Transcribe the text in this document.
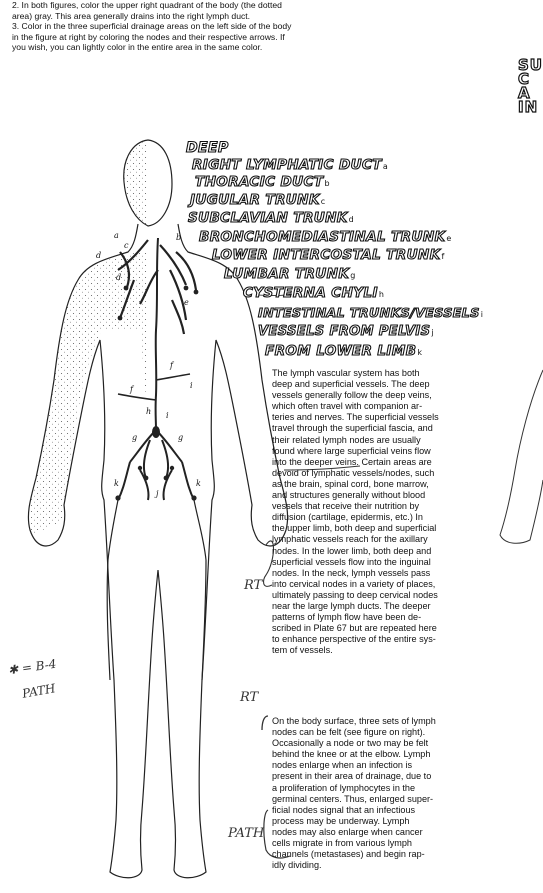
2. In both figures, color the upper right quadrant of the body (the dotted
area) gray. This area generally drains into the right lymph duct.
3. Color in the three superficial drainage areas on the left side of the body
in the figure at right by coloring the nodes and their respective arrows. If
you wish, you can lightly color in the entire area in the same color.
SU
C
A
IN
a	b
c
d
d
e
f
f
g	g
h i
j
k	k
i
DEEP
RIGHT LYMPHATIC DUCTa
THORACIC DUCTb
JUGULAR TRUNKc
SUBCLAVIAN TRUNKd
BRONCHOMEDIASTINAL TRUNKe
LOWER INTERCOSTAL TRUNKf
LUMBAR TRUNKg
CYSTERNA CHYLIh
INTESTINAL TRUNKS/VESSELSi
VESSELS FROM PELVISj
FROM LOWER LIMBk

The lymph vascular system has both

deep and superficial vessels. The deep

vessels generally follow the deep veins,

which often travel with companion ar-

teries and nerves. The superficial vessels

travel through the superficial fascia, and

their related lymph nodes are usually

found where large superficial veins flow

into the deeper veins. Certain areas are

devoid of lymphatic vessels/nodes, such

as the brain, spinal cord, bone marrow,

and structures generally without blood

vessels that receive their nutrition by

diffusion (cartilage, epidermis, etc.) In

the upper limb, both deep and superficial

lymphatic vessels reach for the axillary

nodes. In the lower limb, both deep and

superficial vessels flow into the inguinal

nodes. In the neck, lymph vessels pass

into cervical nodes in a variety of places,

ultimately passing to deep cervical nodes

near the large lymph ducts. The deeper

patterns of lymph flow have been de-

scribed in Plate 67 but are repeated here

to enhance perspective of the entire sys-

tem of vessels.

On the body surface, three sets of lymph

nodes can be felt (see figure on right).

Occasionally a node or two may be felt

behind the knee or at the elbow. Lymph

nodes enlarge when an infection is

present in their area of drainage, due to

a proliferation of lymphocytes in the

germinal centers. Thus, enlarged super-

ficial nodes signal that an infectious

process may be underway. Lymph

nodes may also enlarge when cancer

cells migrate in from various lymph

channels (metastases) and begin rap-

idly dividing.

RT
RT
PATH
✱ = B-4
PATH
